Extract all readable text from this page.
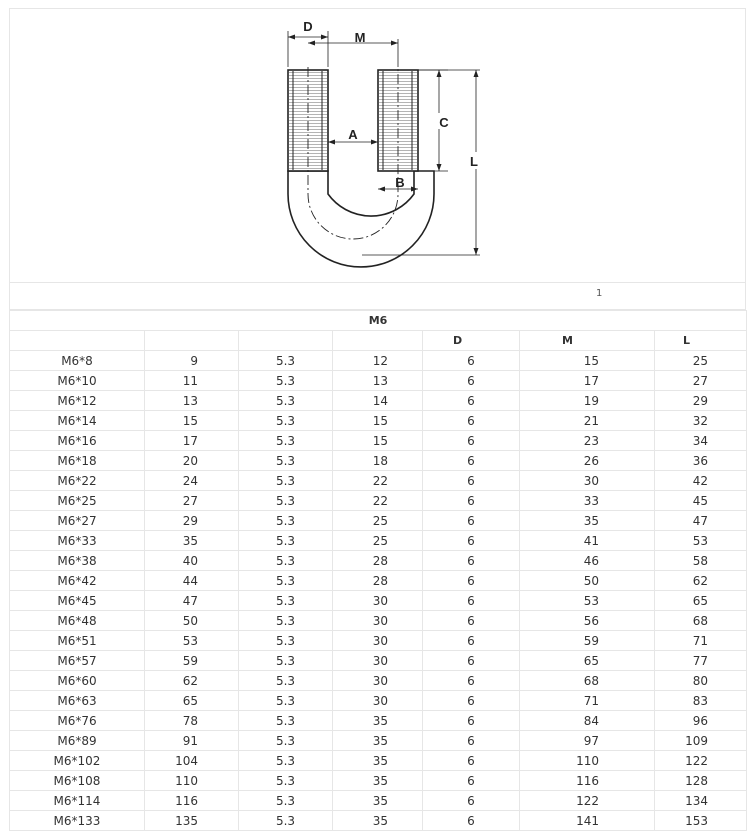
D
M
A
B
C
L
1
M6						
				D	M	L
M6*8	9	5.3	12	6	15	25
M6*10	11	5.3	13	6	17	27
M6*12	13	5.3	14	6	19	29
M6*14	15	5.3	15	6	21	32
M6*16	17	5.3	15	6	23	34
M6*18	20	5.3	18	6	26	36
M6*22	24	5.3	22	6	30	42
M6*25	27	5.3	22	6	33	45
M6*27	29	5.3	25	6	35	47
M6*33	35	5.3	25	6	41	53
M6*38	40	5.3	28	6	46	58
M6*42	44	5.3	28	6	50	62
M6*45	47	5.3	30	6	53	65
M6*48	50	5.3	30	6	56	68
M6*51	53	5.3	30	6	59	71
M6*57	59	5.3	30	6	65	77
M6*60	62	5.3	30	6	68	80
M6*63	65	5.3	30	6	71	83
M6*76	78	5.3	35	6	84	96
M6*89	91	5.3	35	6	97	109
M6*102	104	5.3	35	6	110	122
M6*108	110	5.3	35	6	116	128
M6*114	116	5.3	35	6	122	134
M6*133	135	5.3	35	6	141	153
